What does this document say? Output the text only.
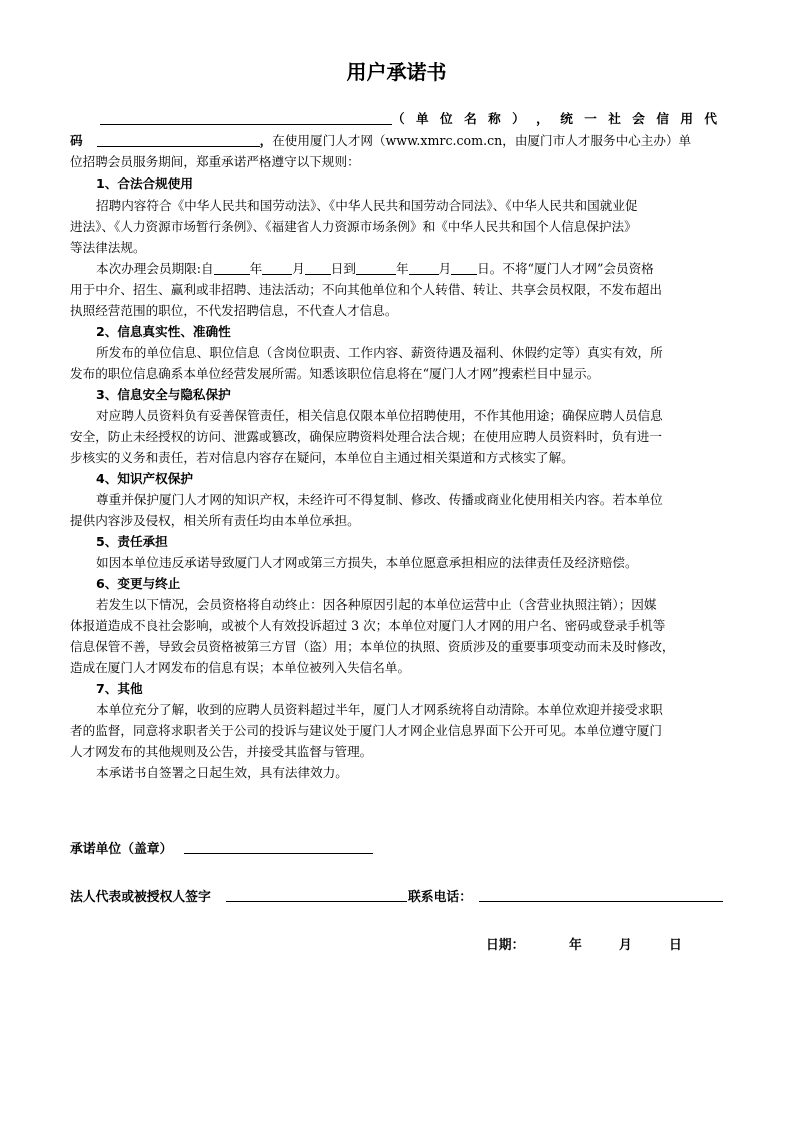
用户承诺书
（ 单 位 名 称 ） ， 统 一 社 会 信 用 代
码	，在使用厦门人才网（www.xmrc.com.cn，由厦门市人才服务中心主办）单
位招聘会员服务期间，郑重承诺严格遵守以下规则：
1、合法合规使用
招聘内容符合《中华人民共和国劳动法》、《中华人民共和国劳动合同法》、《中华人民共和国就业促
进法》、《人力资源市场暂行条例》、《福建省人力资源市场条例》和《中华人民共和国个人信息保护法》
等法律法规。
本次办理会员期限:自	年 月 日到	年 月 日。不将“厦门人才网”会员资格
用于中介、招生、赢利或非招聘、违法活动；不向其他单位和个人转借、转让、共享会员权限，不发布超出
执照经营范围的职位，不代发招聘信息，不代查人才信息。
2、信息真实性、准确性
所发布的单位信息、职位信息（含岗位职责、工作内容、薪资待遇及福利、休假约定等）真实有效，所
发布的职位信息确系本单位经营发展所需。知悉该职位信息将在“厦门人才网”搜索栏目中显示。
3、信息安全与隐私保护
对应聘人员资料负有妥善保管责任，相关信息仅限本单位招聘使用，不作其他用途；确保应聘人员信息
安全，防止未经授权的访问、泄露或篡改，确保应聘资料处理合法合规；在使用应聘人员资料时，负有进一
步核实的义务和责任，若对信息内容存在疑问，本单位自主通过相关渠道和方式核实了解。
4、知识产权保护
尊重并保护厦门人才网的知识产权，未经许可不得复制、修改、传播或商业化使用相关内容。若本单位
提供内容涉及侵权，相关所有责任均由本单位承担。
5、责任承担
如因本单位违反承诺导致厦门人才网或第三方损失，本单位愿意承担相应的法律责任及经济赔偿。
6、变更与终止
若发生以下情况，会员资格将自动终止：因各种原因引起的本单位运营中止（含营业执照注销）；因媒
体报道造成不良社会影响，或被个人有效投诉超过 3 次；本单位对厦门人才网的用户名、密码或登录手机等
信息保管不善，导致会员资格被第三方冒（盗）用；本单位的执照、资质涉及的重要事项变动而未及时修改，
造成在厦门人才网发布的信息有误；本单位被列入失信名单。
7、其他
本单位充分了解，收到的应聘人员资料超过半年，厦门人才网系统将自动清除。本单位欢迎并接受求职
者的监督，同意将求职者关于公司的投诉与建议处于厦门人才网企业信息界面下公开可见。本单位遵守厦门
人才网发布的其他规则及公告，并接受其监督与管理。
本承诺书自签署之日起生效，具有法律效力。
承诺单位（盖章）
法人代表或被授权人签字	联系电话：
日期：	年	月	日
